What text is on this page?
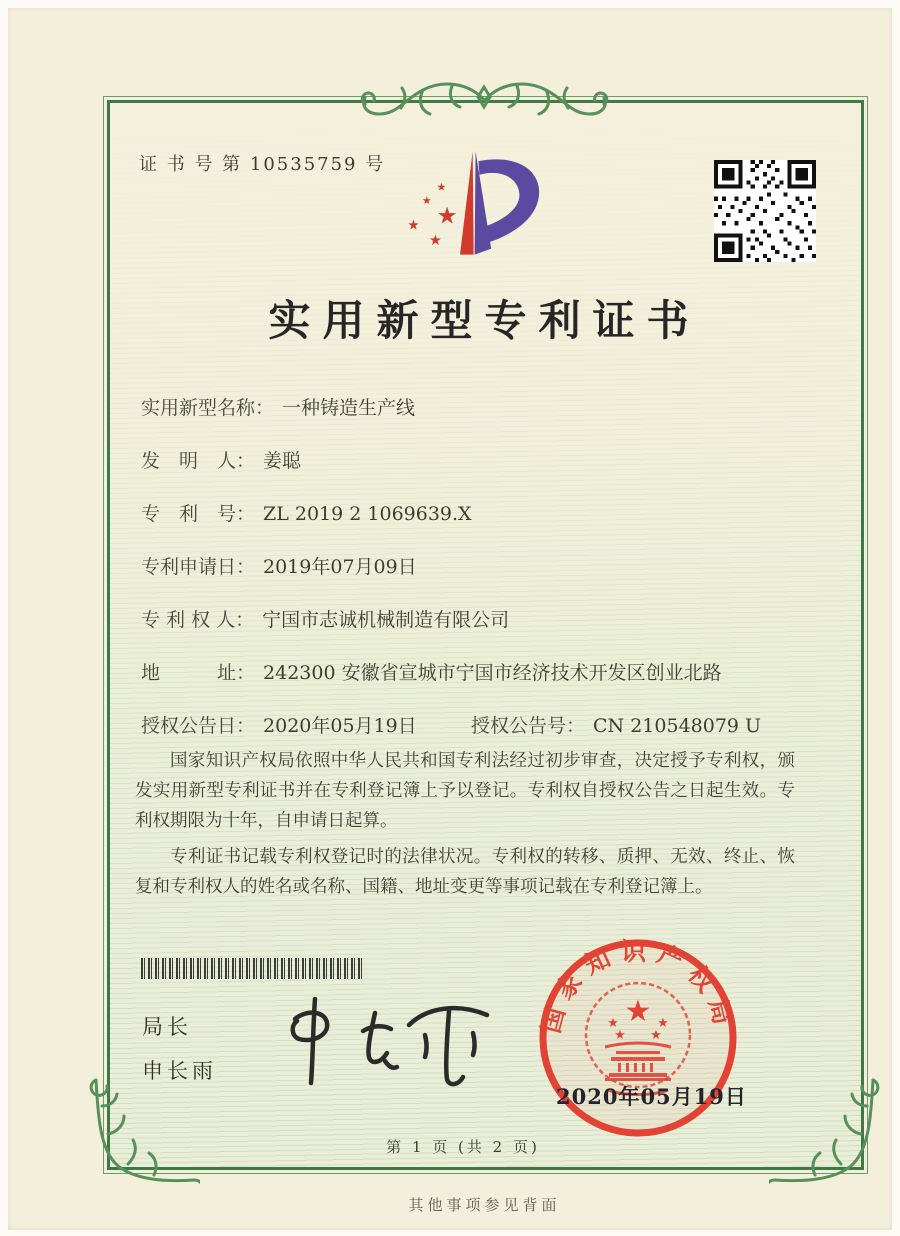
证 书 号 第 10535759 号
★
★
★
★
★
实用新型专利证书
实用新型名称： 一种铸造生产线
发　明　人： 姜聪
专　利　号： ZL 2019 2 1069639.X
专利申请日： 2019年07月09日
专 利 权 人： 宁国市志诚机械制造有限公司
地　　　址： 242300 安徽省宣城市宁国市经济技术开发区创业北路
授权公告日： 2020年05月19日	授权公告号： CN 210548079 U

国家知识产权局依照中华人民共和国专利法经过初步审查，决定授予专利权，颁发实用新型专利证书并在专利登记簿上予以登记。专利权自授权公告之日起生效。专利权期限为十年，自申请日起算。

专利证书记载专利权登记时的法律状况。专利权的转移、质押、无效、终止、恢复和专利权人的姓名或名称、国籍、地址变更等事项记载在专利登记簿上。

局长
申长雨
国家知识产权局
★
★	★
★ ★
2020年05月19日
第 1 页 (共 2 页)
其他事项参见背面
